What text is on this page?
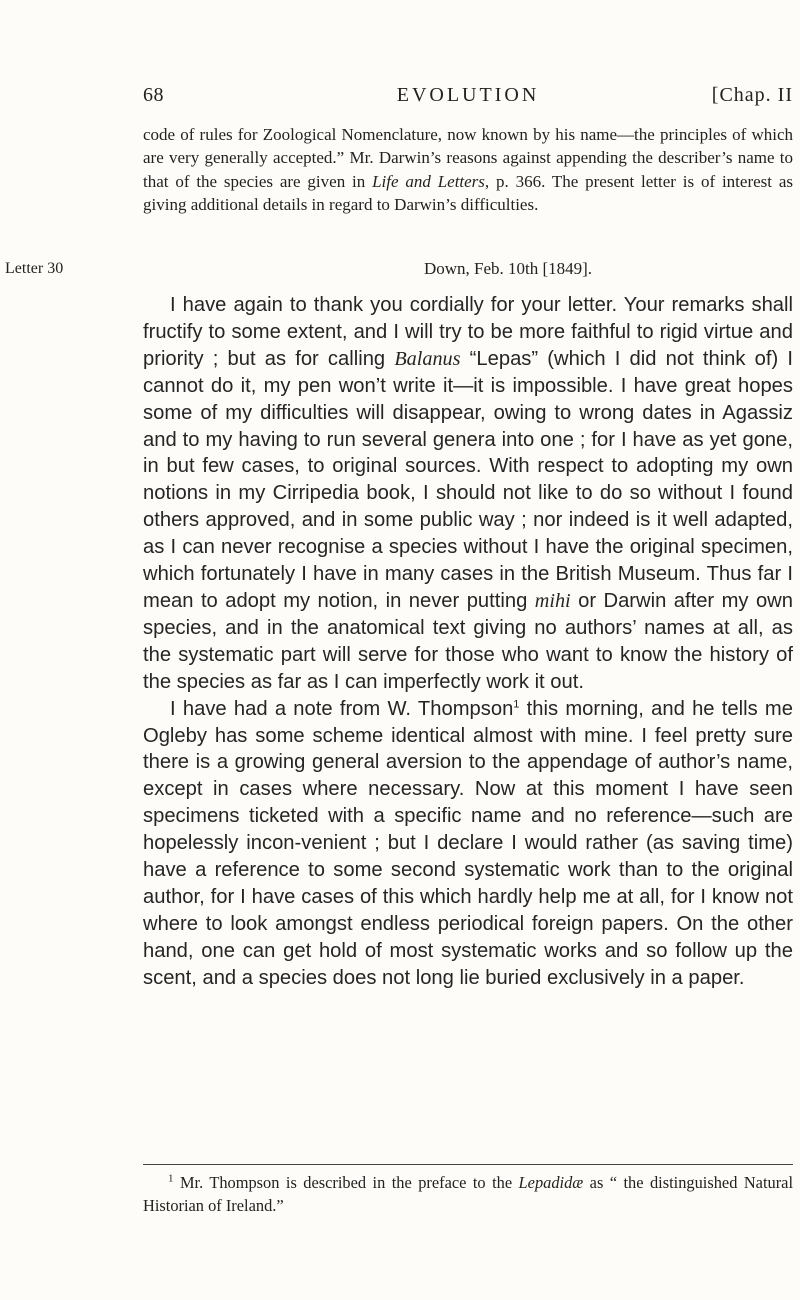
68	EVOLUTION	[Chap. II

code of rules for Zoological Nomenclature, now known by his name—the principles of which are very generally accepted.” Mr. Darwin’s reasons against appending the describer’s name to that of the species are given in Life and Letters, p. 366. The present letter is of interest as giving additional details in regard to Darwin’s difficulties.

Letter 30	Down, Feb. 10th [1849].

I have again to thank you cordially for your letter. Your remarks shall fructify to some extent, and I will try to be more faithful to rigid virtue and priority ; but as for calling Balanus “Lepas” (which I did not think of) I cannot do it, my pen won’t write it—it is impossible. I have great hopes some of my difficulties will disappear, owing to wrong dates in Agassiz and to my having to run several genera into one ; for I have as yet gone, in but few cases, to original sources. With respect to adopting my own notions in my Cirripedia book, I should not like to do so without I found others approved, and in some public way ; nor indeed is it well adapted, as I can never recognise a species without I have the original specimen, which fortunately I have in many cases in the British Museum. Thus far I mean to adopt my notion, in never putting mihi or Darwin after my own species, and in the anatomical text giving no authors’ names at all, as the systematic part will serve for those who want to know the history of the species as far as I can imperfectly work it out.

I have had a note from W. Thompson$^1$ this morning, and he tells me Ogleby has some scheme identical almost with mine. I feel pretty sure there is a growing general aversion to the appendage of author’s name, except in cases where necessary. Now at this moment I have seen specimens ticketed with a specific name and no reference—such are hopelessly incon-venient ; but I declare I would rather (as saving time) have a reference to some second systematic work than to the original author, for I have cases of this which hardly help me at all, for I know not where to look amongst endless periodical foreign papers. On the other hand, one can get hold of most systematic works and so follow up the scent, and a species does not long lie buried exclusively in a paper.

$^1$ Mr. Thompson is described in the preface to the Lepadidæ as “ the distinguished Natural Historian of Ireland.”
